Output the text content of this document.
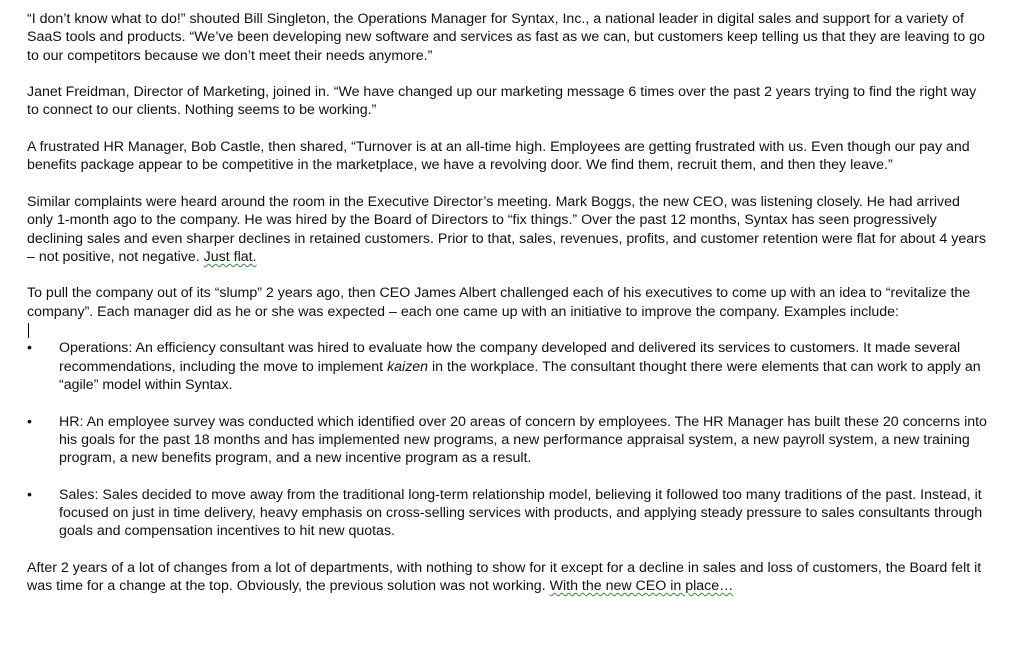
“I don’t know what to do!” shouted Bill Singleton, the Operations Manager for Syntax, Inc., a national leader in digital sales and support for a variety of SaaS tools and products. “We’ve been developing new software and services as fast as we can, but customers keep telling us that they are leaving to go to our competitors because we don’t meet their needs anymore.”

Janet Freidman, Director of Marketing, joined in. “We have changed up our marketing message 6 times over the past 2 years trying to find the right way to connect to our clients. Nothing seems to be working.”

A frustrated HR Manager, Bob Castle, then shared, “Turnover is at an all-time high. Employees are getting frustrated with us. Even though our pay and benefits package appear to be competitive in the marketplace, we have a revolving door. We find them, recruit them, and then they leave.”

Similar complaints were heard around the room in the Executive Director’s meeting. Mark Boggs, the new CEO, was listening closely. He had arrived only 1-month ago to the company. He was hired by the Board of Directors to “fix things.” Over the past 12 months, Syntax has seen progressively declining sales and even sharper declines in retained customers. Prior to that, sales, revenues, profits, and customer retention were flat for about 4 years – not positive, not negative. Just flat.

To pull the company out of its “slump” 2 years ago, then CEO James Albert challenged each of his executives to come up with an idea to “revitalize the company”. Each manager did as he or she was expected – each one came up with an initiative to improve the company. Examples include:

•	Operations: An efficiency consultant was hired to evaluate how the company developed and delivered its services to customers. It made several recommendations, including the move to implement kaizen in the workplace. The consultant thought there were elements that can work to apply an “agile” model within Syntax.
•	HR: An employee survey was conducted which identified over 20 areas of concern by employees. The HR Manager has built these 20 concerns into his goals for the past 18 months and has implemented new programs, a new performance appraisal system, a new payroll system, a new training program, a new benefits program, and a new incentive program as a result.
•	Sales: Sales decided to move away from the traditional long-term relationship model, believing it followed too many traditions of the past. Instead, it focused on just in time delivery, heavy emphasis on cross-selling services with products, and applying steady pressure to sales consultants through goals and compensation incentives to hit new quotas.

After 2 years of a lot of changes from a lot of departments, with nothing to show for it except for a decline in sales and loss of customers, the Board felt it was time for a change at the top. Obviously, the previous solution was not working. With the new CEO in place…
